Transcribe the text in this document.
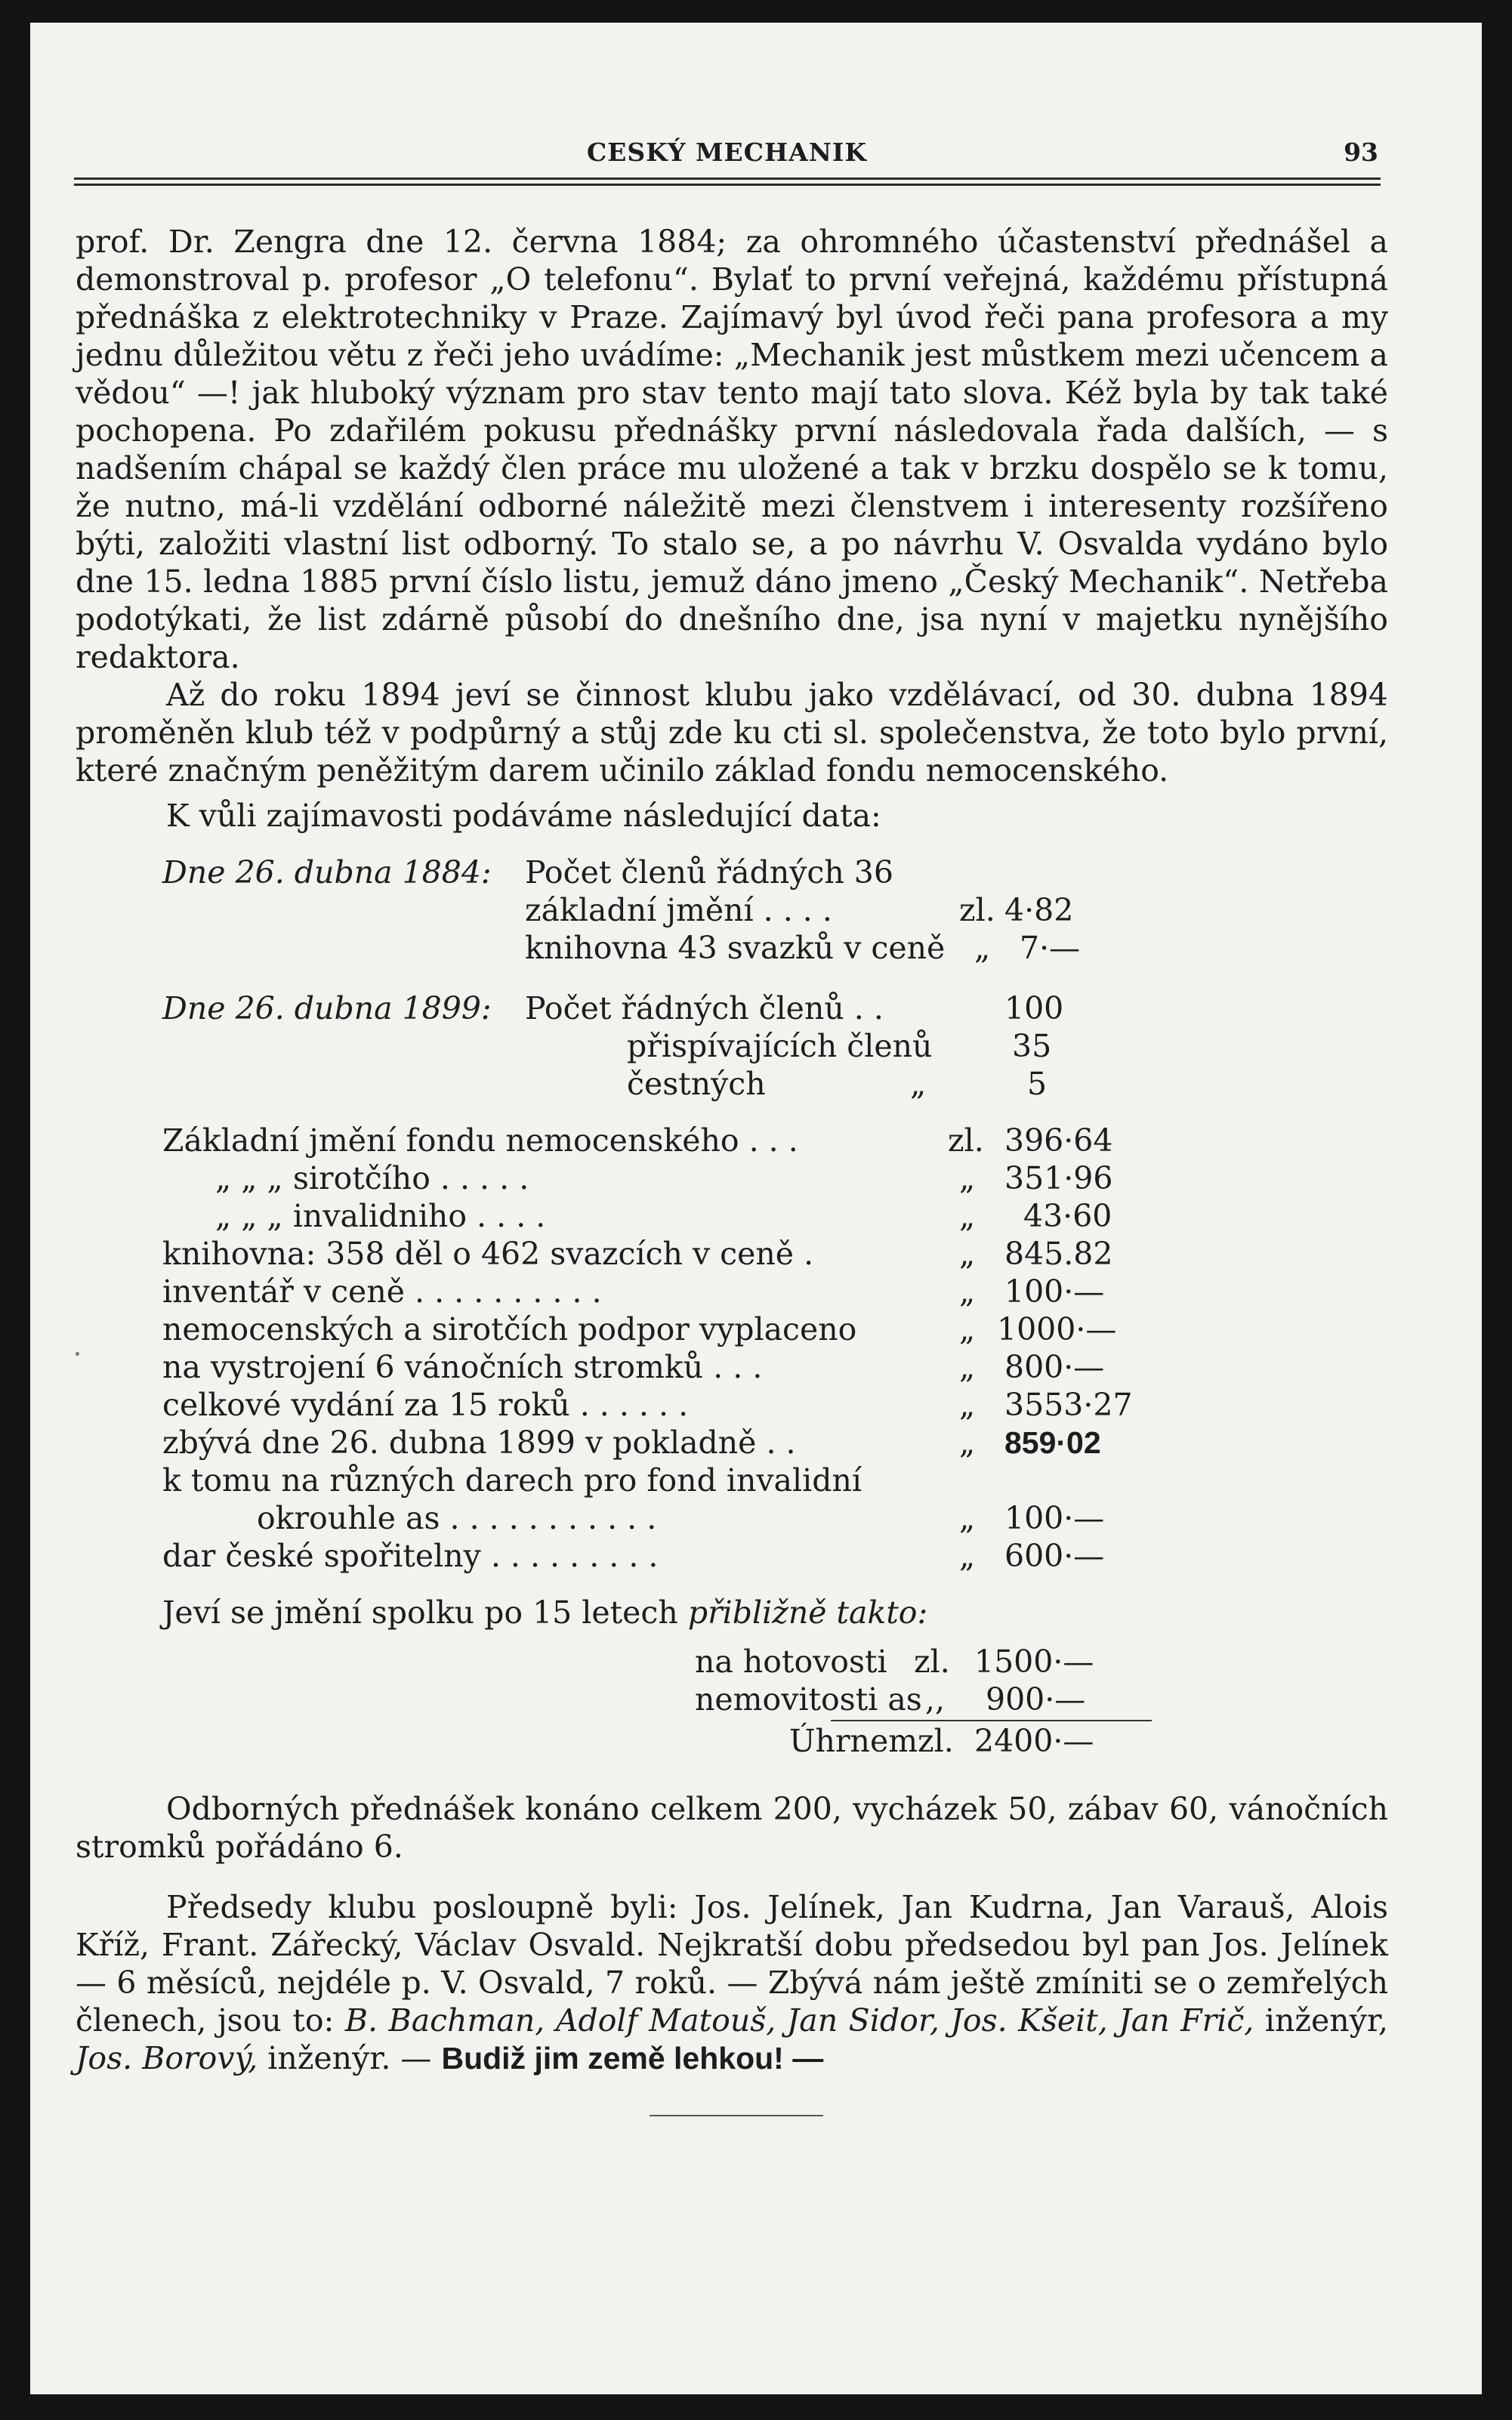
CESKÝ MECHANIK	93
prof. Dr. Zengra dne 12. června 1884; za ohromného účastenství přednášel a demonstroval p. profesor „O telefonu“. Bylať to první veřejná, každému přístupná přednáška z elektrotechniky v Praze. Zajímavý byl úvod řeči pana profesora a my jednu důležitou větu z řeči jeho uvádíme: „Mechanik jest můstkem mezi učencem a vědou“ —! jak hluboký význam pro stav tento mají tato slova. Kéž byla by tak také pochopena. Po zdařilém pokusu přednášky první následovala řada dalších, — s nadšením chápal se každý člen práce mu uložené a tak v brzku dospělo se k tomu, že nutno, má-li vzdělání odborné náležitě mezi členstvem i interesenty rozšířeno býti, založiti vlastní list odborný. To stalo se, a po návrhu V. Osvalda vydáno bylo dne 15. ledna 1885 první číslo listu, jemuž dáno jmeno „Český Mechanik“. Netřeba podotýkati, že list zdárně působí do dnešního dne, jsa nyní v majetku nynějšího redaktora.
Až do roku 1894 jeví se činnost klubu jako vzdělávací, od 30. dubna 1894 proměněn klub též v podpůrný a stůj zde ku cti sl. společenstva, že toto bylo první, které značným peněžitým darem učinilo základ fondu nemocenského.
K vůli zajímavosti podáváme následující data:
Dne 26. dubna 1884: Počet členů řádných 36
základní jmění . . . .	zl. 4·82
knihovna 43 svazků v ceně „ 7·—
Dne 26. dubna 1899: Počet řádných členů . .	100
přispívajících členů	35
čestných	„	5
Základní jmění fondu nemocenského . . .	zl. 396·64
„ „ „ sirotčího . . . . .	„ 351·96
„ „ „ invalidniho . . . .	„ 43·60
knihovna: 358 děl o 462 svazcích v ceně .	„ 845.82
inventář v ceně . . . . . . . . . .	„ 100·—
nemocenských a sirotčích podpor vyplaceno	„ 1000·—
na vystrojení 6 vánočních stromků . . .	„ 800·—
celkové vydání za 15 roků . . . . . .	„ 3553·27
zbývá dne 26. dubna 1899 v pokladně . .	„ 859·02
k tomu na různých darech pro fond invalidní
okrouhle as . . . . . . . . . . .	„ 100·—
dar české spořitelny . . . . . . . . .	„ 600·—
Jeví se jmění spolku po 15 letech přibližně takto:
na hotovosti zl. 1500·—
nemovitosti as ,, 900·—
Úhrnem zl. 2400·—
Odborných přednášek konáno celkem 200, vycházek 50, zábav 60, vánočních stromků pořádáno 6.
Předsedy klubu posloupně byli: Jos. Jelínek, Jan Kudrna, Jan Varauš, Alois Kříž, Frant. Zářecký, Václav Osvald. Nejkratší dobu předsedou byl pan Jos. Jelínek — 6 měsíců, nejdéle p. V. Osvald, 7 roků. — Zbývá nám ještě zmíniti se o zemřelých členech, jsou to: B. Bachman, Adolf Matouš, Jan Sidor, Jos. Kšeit, Jan Frič, inženýr, Jos. Borový, inženýr. — Budiž jim země lehkou! —
